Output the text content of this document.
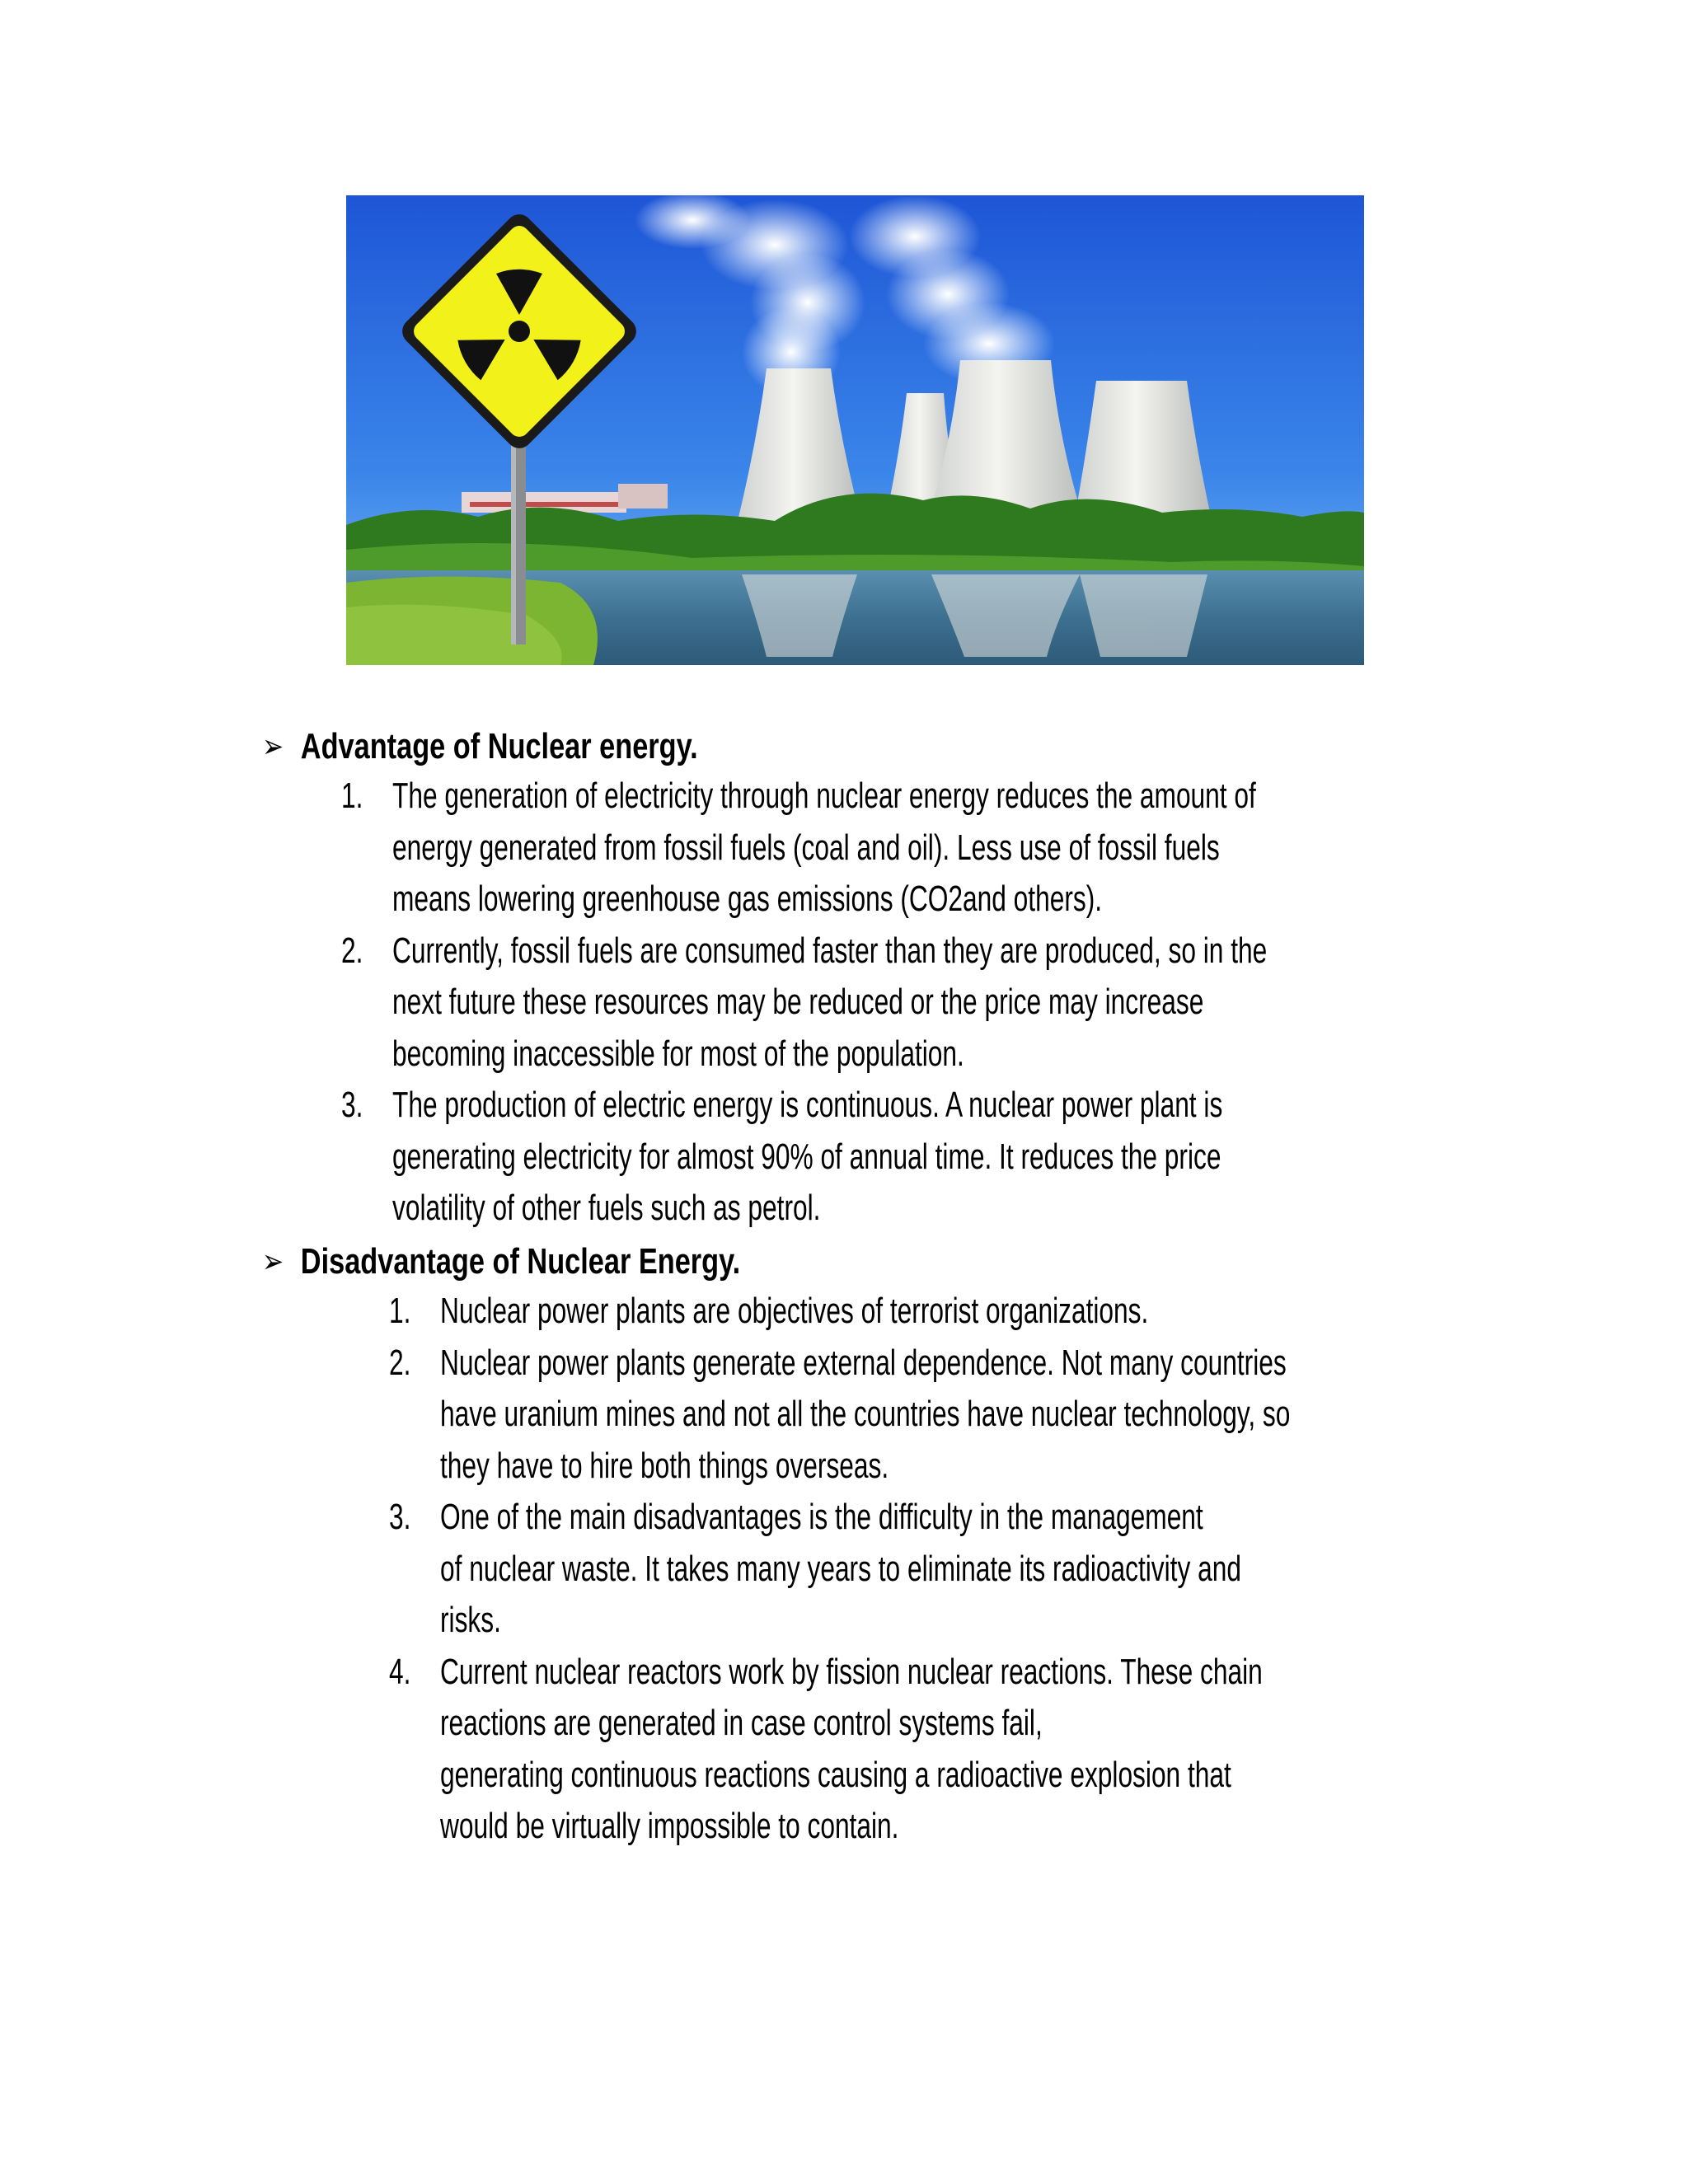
➢ Advantage of Nuclear energy.
1. The generation of electricity through nuclear energy reduces the amount of
energy generated from fossil fuels (coal and oil). Less use of fossil fuels
means lowering greenhouse gas emissions (CO2and others).
2. Currently, fossil fuels are consumed faster than they are produced, so in the
next future these resources may be reduced or the price may increase
becoming inaccessible for most of the population.
3. The production of electric energy is continuous. A nuclear power plant is
generating electricity for almost 90% of annual time. It reduces the price
volatility of other fuels such as petrol.
➢ Disadvantage of Nuclear Energy.
1. Nuclear power plants are objectives of terrorist organizations.
2. Nuclear power plants generate external dependence. Not many countries
have uranium mines and not all the countries have nuclear technology, so
they have to hire both things overseas.
3. One of the main disadvantages is the difficulty in the management
of nuclear waste. It takes many years to eliminate its radioactivity and
risks.
4. Current nuclear reactors work by fission nuclear reactions. These chain
reactions are generated in case control systems fail,
generating continuous reactions causing a radioactive explosion that
would be virtually impossible to contain.
